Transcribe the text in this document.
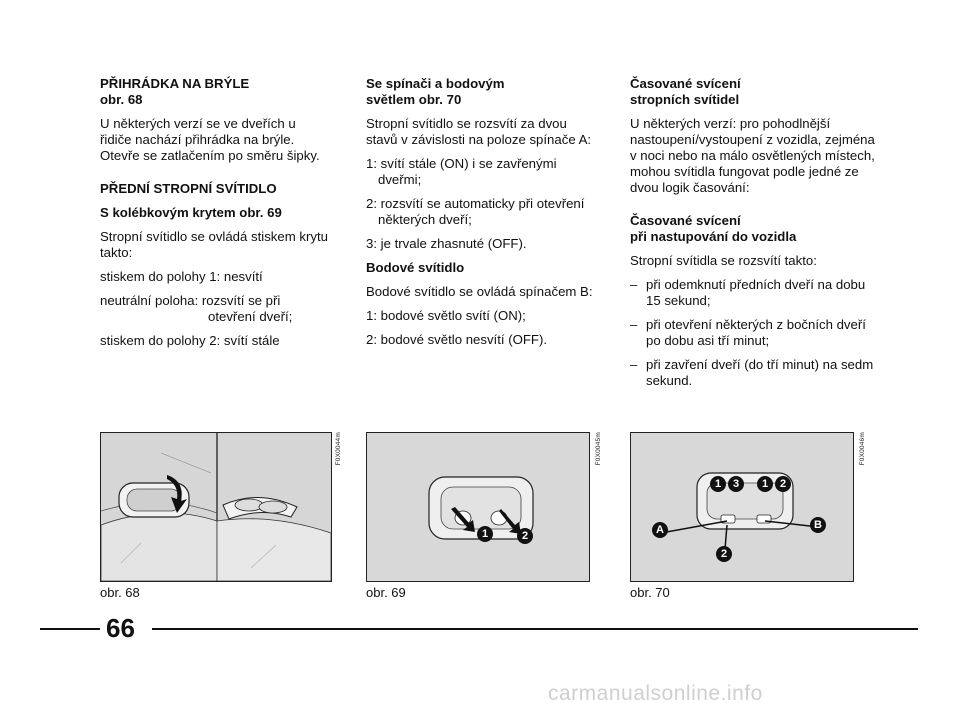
PŘIHRÁDKA NA BRÝLE

obr. 68

U některých verzí se ve dveřích u řidiče nachází přihrádka na brýle. Otevře se zatlačením po směru šipky.

PŘEDNÍ STROPNÍ SVÍTIDLO

S kolébkovým krytem obr. 69

Stropní svítidlo se ovládá stiskem krytu takto:

stiskem do polohy 1: nesvítí

neutrální poloha: rozsvítí se při
otevření dveří;

stiskem do polohy 2: svítí stále

Se spínači a bodovým

světlem obr. 70

Stropní svítidlo se rozsvítí za dvou stavů v závislosti na poloze spínače A:

1: svítí stále (ON) i se zavřenými dveřmi;

2: rozsvítí se automaticky při otevření některých dveří;

3: je trvale zhasnuté (OFF).

Bodové svítidlo

Bodové svítidlo se ovládá spínačem B:

1: bodové světlo svítí (ON);

2: bodové světlo nesvítí (OFF).

Časované svícení

stropních svítidel

U některých verzí: pro pohodlnější nastoupení/vystoupení z vozidla, zejména v noci nebo na málo osvětlených místech, mohou svítidla fungovat podle jedné ze dvou logik časování:

Časované svícení

při nastupování do vozidla

Stropní svítidla se rozsvítí takto:

– při odemknutí předních dveří na dobu 15 sekund;

– při otevření některých z bočních dveří po dobu asi tří minut;

– při zavření dveří (do tří minut) na sedm sekund.

F0X0044m
obr. 68
1	2
F0X0045m
obr. 69
1	3	1	2
A	B
2
F0X0046m
obr. 70
66
carmanualsonline.info
